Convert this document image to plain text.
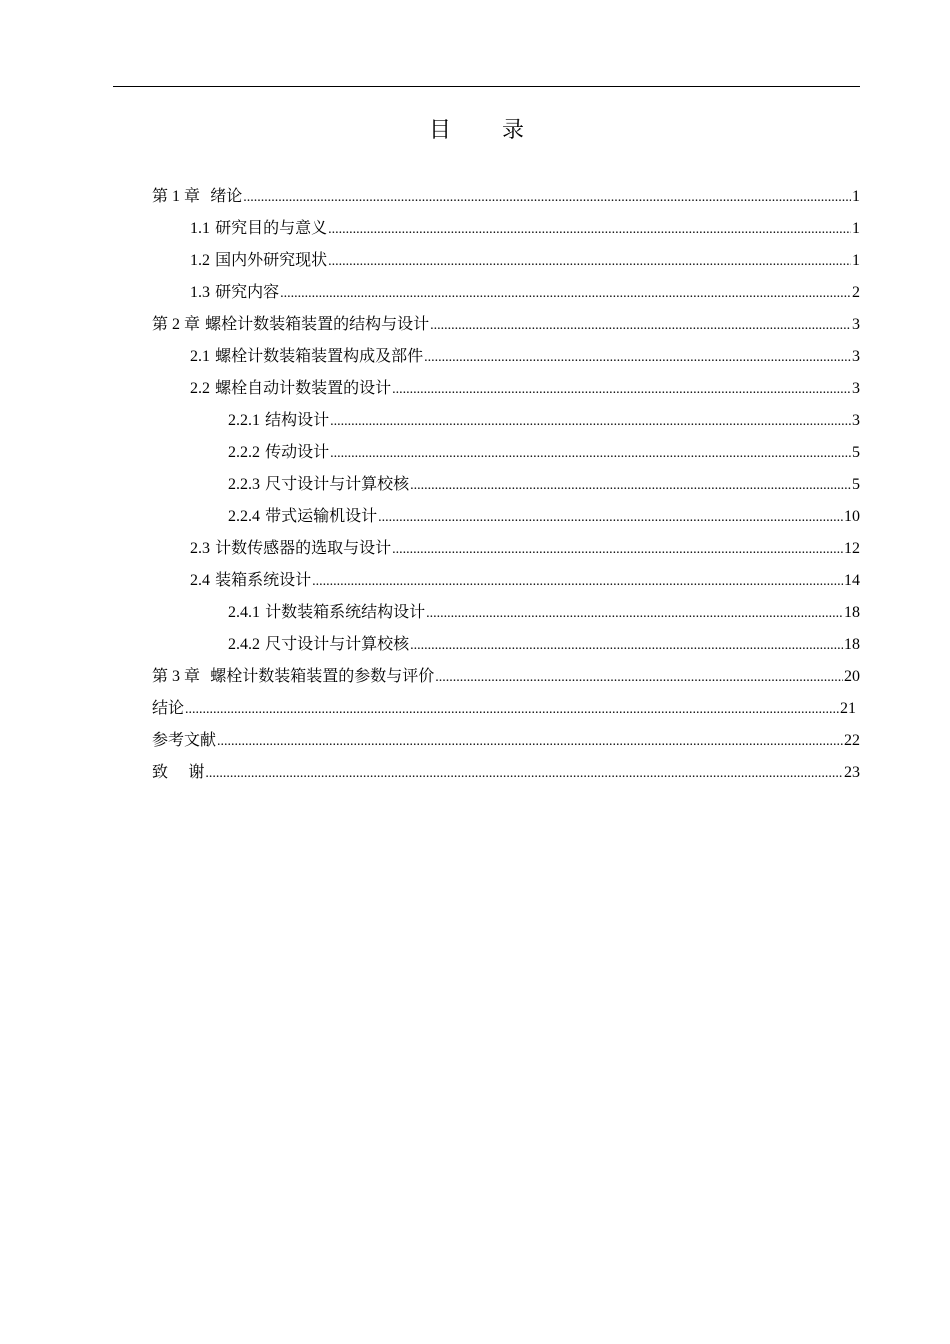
目 录
第 1 章 绪论 .....	1
1.1 研究目的与意义 .....	1
1.2 国内外研究现状 .....	1
1.3 研究内容 .....	2
第 2 章 螺栓计数装箱装置的结构与设计 .....	3
2.1 螺栓计数装箱装置构成及部件 .....	3
2.2 螺栓自动计数装置的设计 .....	3
2.2.1 结构设计 .....	3
2.2.2 传动设计 .....	5
2.2.3 尺寸设计与计算校核 .....	5
2.2.4 带式运输机设计 .....	10
2.3 计数传感器的选取与设计 .....	12
2.4 装箱系统设计 .....	14
2.4.1 计数装箱系统结构设计 .....	18
2.4.2 尺寸设计与计算校核 .....	18
第 3 章 螺栓计数装箱装置的参数与评价 .....	20
结论 .....	21
参考文献 .....	22
致    谢 .....	23
